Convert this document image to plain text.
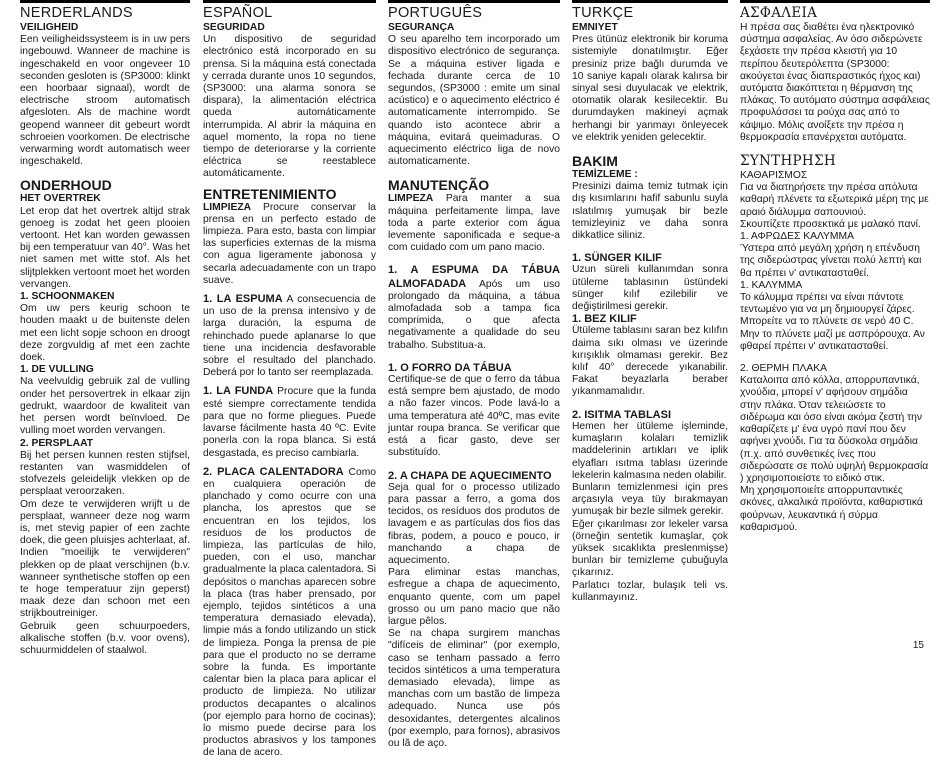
NERDERLANDS
VEILIGHEID

Een veiligheidssysteem is in uw pers ingebouwd. Wanneer de machine is ingeschakeld en voor ongeveer 10 seconden gesloten is (SP3000: klinkt een hoorbaar signaal), wordt de electrische stroom automatisch afgesloten. Als de machine wordt geopend wanneer dit gebeurt wordt schroeien voorkomen. De electrische verwarming wordt automatisch weer ingeschakeld.

ONDERHOUD
HET OVERTREK

Let erop dat het overtrek altijd strak genoeg is zodat het geen plooien vertoont. Het kan worden gewassen bij een temperatuur van 40°. Was het niet samen met witte stof. Als het slijtplekken vertoont moet het worden vervangen.

1. SCHOONMAKEN

Om uw pers keurig schoon te houden maakt u de buitenste delen met een licht sopje schoon en droogt deze zorgvuldig af met een zachte doek.

1. DE VULLING

Na veelvuldig gebruik zal de vulling onder het persovertrek in elkaar zijn gedrukt, waardoor de kwaliteit van het persen wordt beïnvloed. De vulling moet worden vervangen.

2. PERSPLAAT

Bij het persen kunnen resten stijfsel, restanten van wasmiddelen of stofvezels geleidelijk vlekken op de persplaat veroorzaken.

Om deze te verwijderen wrijft u de persplaat, wanneer deze nog warm is, met stevig papier of een zachte doek, die geen pluisjes achterlaat, af.

Indien "moeilijk te verwijderen" plekken op de plaat verschijnen (b.v. wanneer synthetische stoffen op een te hoge temperatuur zijn geperst) maak deze dan schoon met een strijkboutreiniger.

Gebruik geen schuurpoeders, alkalische stoffen (b.v. voor ovens), schuurmiddelen of staalwol.

ESPAÑOL
SEGURIDAD

Un dispositivo de seguridad electrónico está incorporado en su prensa. Si la máquina está conectada y cerrada durante unos 10 segundos, (SP3000: una alarma sonora se dispara), la alimentación eléctrica queda automáticamente interrumpida. Al abrir la máquina en aquel momento, la ropa no tiene tiempo de deteriorarse y la corriente eléctrica se reestablece automáticamente.

ENTRETENIMIENTO

LIMPIEZA Procure conservar la prensa en un perfecto estado de limpieza. Para esto, basta con limpiar las superficies externas de la misma con agua ligeramente jabonosa y secarla adecuadamente con un trapo suave.

1. LA ESPUMA A consecuencia de un uso de la prensa intensivo y de larga duración, la espuma de rehinchado puede aplanarse lo que tiene una incidencia desfavorable sobre el resultado del planchado. Deberá por lo tanto ser reemplazada.

1. LA FUNDA Procure que la funda esté siempre correctamente tendida para que no forme pliegues. Puede lavarse fácilmente hasta 40 ºC. Evite ponerla con la ropa blanca. Si está desgastada, es preciso cambiarla.

2. PLACA CALENTADORA Como en cualquiera operación de planchado y como ocurre con una plancha, los aprestos que se encuentran en los tejidos, los residuos de los productos de limpieza, las partículas de hilo, pueden, con el uso, manchar gradualmente la placa calentadora. Si depósitos o manchas aparecen sobre la placa (tras haber prensado, por ejemplo, tejidos sintéticos a una temperatura demasiado elevada), limpie más a fondo utilizando un stick de limpieza. Ponga la prensa de pie para que el producto no se derrame sobre la funda. Es importante calentar bien la placa para aplicar el producto de limpieza. No utilizar productos decapantes o alcalinos (por ejemplo para horno de cocinas); lo mismo puede decirse para los productos abrasivos y los tampones de lana de acero.

PORTUGUÊS
SEGURANÇA

O seu aparelho tem incorporado um dispositivo electrónico de segurança. Se a máquina estiver ligada e fechada durante cerca de 10 segundos, (SP3000 : emite um sinal acústico) e o aquecimento eléctrico é automaticamente interrompido. Se quando isto acontece abrir a máquina, evitará queimaduras. O aquecimento eléctrico liga de novo automaticamente.

MANUTENÇÃO

LIMPEZA Para manter a sua máquina perfeitamente limpa, lave toda a parte exterior com água levemente saponificada e seque-a com cuidado com um pano macio.

1. A ESPUMA DA TÁBUA ALMOFADADA Após um uso prolongado da máquina, a tábua almofadada sob a tampa fica comprimida, o que afecta negativamente a qualidade do seu trabalho. Substitua-a.

1. O FORRO DA TÁBUA

Certifique-se de que o ferro da tábua está sempre bem ajustado, de modo a não fazer vincos. Pode lavá-lo a uma temperatura até 40ºC, mas evite juntar roupa branca. Se verificar que está a ficar gasto, deve ser substituído.

2. A CHAPA DE AQUECIMENTO

Seja qual for o processo utilizado para passar a ferro, a goma dos tecidos, os resíduos dos produtos de lavagem e as partículas dos fios das fibras, podem, a pouco e pouco, ir manchando a chapa de aquecimento.

Para eliminar estas manchas, esfregue a chapa de aquecimento, enquanto quente, com um papel grosso ou um pano macio que não largue pêlos.

Se na chapa surgirem manchas "difíceis de eliminar" (por exemplo, caso se tenham passado a ferro tecidos sintéticos a uma temperatura demasiado elevada), limpe as manchas com um bastão de limpeza adequado. Nunca use pós desoxidantes, detergentes alcalinos (por exemplo, para fornos), abrasivos ou lã de aço.

TURKÇE
EMNIYET

Pres ütünüz elektronik bir koruma sistemiyle donatılmıştır. Eğer presiniz prize bağlı durumda ve 10 saniye kapalı olarak kalırsa bir sinyal sesi duyulacak ve elektrik, otomatik olarak kesilecektir. Bu durumdayken makineyi açmak herhangi bir yanmayı önleyecek ve elektrik yeniden gelecektir.

BAKIM
TEMİZLEME :

Presinizi daima temiz tutmak için dış kısımlarını hafif sabunlu suyla ıslatılmış yumuşak bir bezle temizleyiniz ve daha sonra dikkatlice siliniz.

1. SÜNGER KILIF

Uzun süreli kullanımdan sonra ütüleme tablasının üstündeki sünger kılıf ezilebilir ve değiştirilmesi gerekir.

1. BEZ KILIF

Ütüleme tablasını saran bez kılıfın daima sıkı olması ve üzerinde kırışıklık olmaması gerekir. Bez kılıf 40° derecede yıkanabilir. Fakat beyazlarla beraber yıkanmamalıdır.

2. ISITMA TABLASI

Hemen her ütüleme işleminde, kumaşların kolaları temizlik maddelerinin artıkları ve iplik elyafları ısıtma tablası üzerinde lekelerin kalmasına neden olabilir.

Bunların temizlenmesi için pres arçasıyla veya tüy bırakmayan yumuşak bir bezle silmek gerekir.

Eğer çıkarılması zor lekeler varsa (örneğin sentetik kumaşlar, çok yüksek sıcaklıkta preslenmişse) bunları bir temizleme çubuğuyla çıkarınız.

Parlatıcı tozlar, bulaşık teli vs. kullanmayınız.

ΑΣΦΑΛΕΙΑ

Η πρέσα σας διαθέτει ένα ηλεκτρονικό σύστημα ασφαλείας. Αν όσο σιδερώνετε ξεχάσετε την πρέσα κλειστή για 10 περίπου δευτερόλεπτα (SP3000: ακούγεται ένας διαπεραστικός ήχος και) αυτόματα διακόπτεται η θέρμανση της πλάκας. Το αυτόματο σύστημα ασφάλειας προφυλάσσει τα ρούχα σας από το κάψιμο. Μόλις ανοίξετε την πρέσα η θερμοκρασία επανέρχεται αυτόματα.

ΣΥΝΤΗΡΗΣΗ
ΚΑΘΑΡΙΣΜΟΣ

Για να διατηρήσετε την πρέσα απόλυτα καθαρή πλένετε τα εξωτερικά μέρη της με αραιό διάλυμμα σαπουνιού.

Σκουπίζετε προσεκτικά με μαλακό πανί.

1. ΑΦΡΩΔΕΣ ΚΑΛΥΜΜΑ

Ύστερα από μεγάλη χρήση η επένδυση της σιδερώστρας γίνεται πολύ λεπτή και θα πρέπει ν' αντικατασταθεί.

1. ΚΑΛΥΜΜΑ

Το κάλυμμα πρέπει να είναι πάντοτε τεντωμένο για να μη δημιουργεί ζάρες. Μπορείτε να το πλύνετε σε νερό 40 C. Μην το πλύνετε μαζί με ασπρόρουχα. Αν φθαρεί πρέπει ν' αντικατασταθεί.

2. ΘΕΡΜΗ ΠΛΑΚΑ

Καταλοιπα από κόλλα, απορρυπαντικά, χνούδια, μπορεί ν' αφήσουν σημάδια στην πλάκα. Όταν τελειώσετε το σιδέρωμα και όσο είναι ακόμα ζεστή την καθαρίζετε μ' ένα υγρό πανί που δεν αφήνει χνούδι. Για τα δύσκολα σημάδια (π.χ. από συνθετικές ίνες που σιδερώσατε σε πολύ υψηλή θερμοκρασία ) χρησιμοποιείστε το ειδικό στικ.

Μη χρησιμοποιείτε απορρυπαντικές σκόνες, αλκαλικά προϊόντα, καθαριστικά φούρνων, λευκαντικά ή σύρμα καθαρισμού.

15
